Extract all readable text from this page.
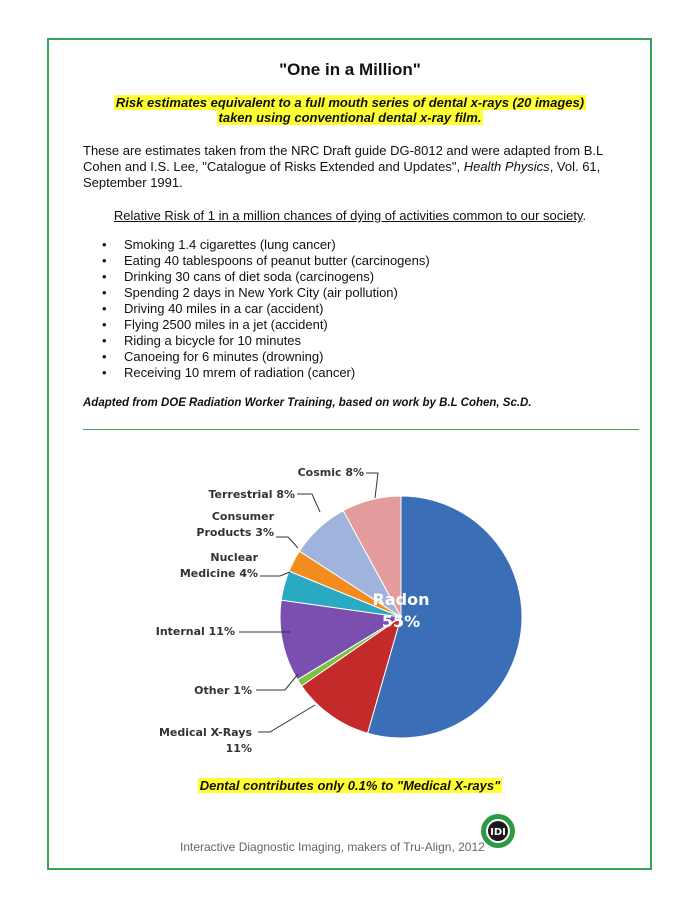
"One in a Million"
Risk estimates equivalent to a full mouth series of dental x-rays (20 images)
taken using conventional dental x-ray film.
These are estimates taken from the NRC Draft guide DG-8012 and were adapted from B.L Cohen and I.S. Lee, "Catalogue of Risks Extended and Updates", Health Physics, Vol. 61, September 1991.
Relative Risk of 1 in a million chances of dying of activities common to our society.
• Smoking 1.4 cigarettes (lung cancer)
• Eating 40 tablespoons of peanut butter (carcinogens)
• Drinking 30 cans of diet soda (carcinogens)
• Spending 2 days in New York City (air pollution)
• Driving 40 miles in a car (accident)
• Flying 2500 miles in a jet (accident)
• Riding a bicycle for 10 minutes
• Canoeing for 6 minutes (drowning)
• Receiving 10 mrem of radiation (cancer)
Adapted from DOE Radiation Worker Training, based on work by B.L Cohen, Sc.D.
Radon
55%
Medical X-Rays
11%
Other 1%
Internal 11%
Nuclear
Medicine 4%
Consumer
Products 3%
Terrestrial 8%
Cosmic 8%
Dental contributes only 0.1% to "Medical X-rays"
Interactive Diagnostic Imaging, makers of Tru-Align, 2012
IDI
